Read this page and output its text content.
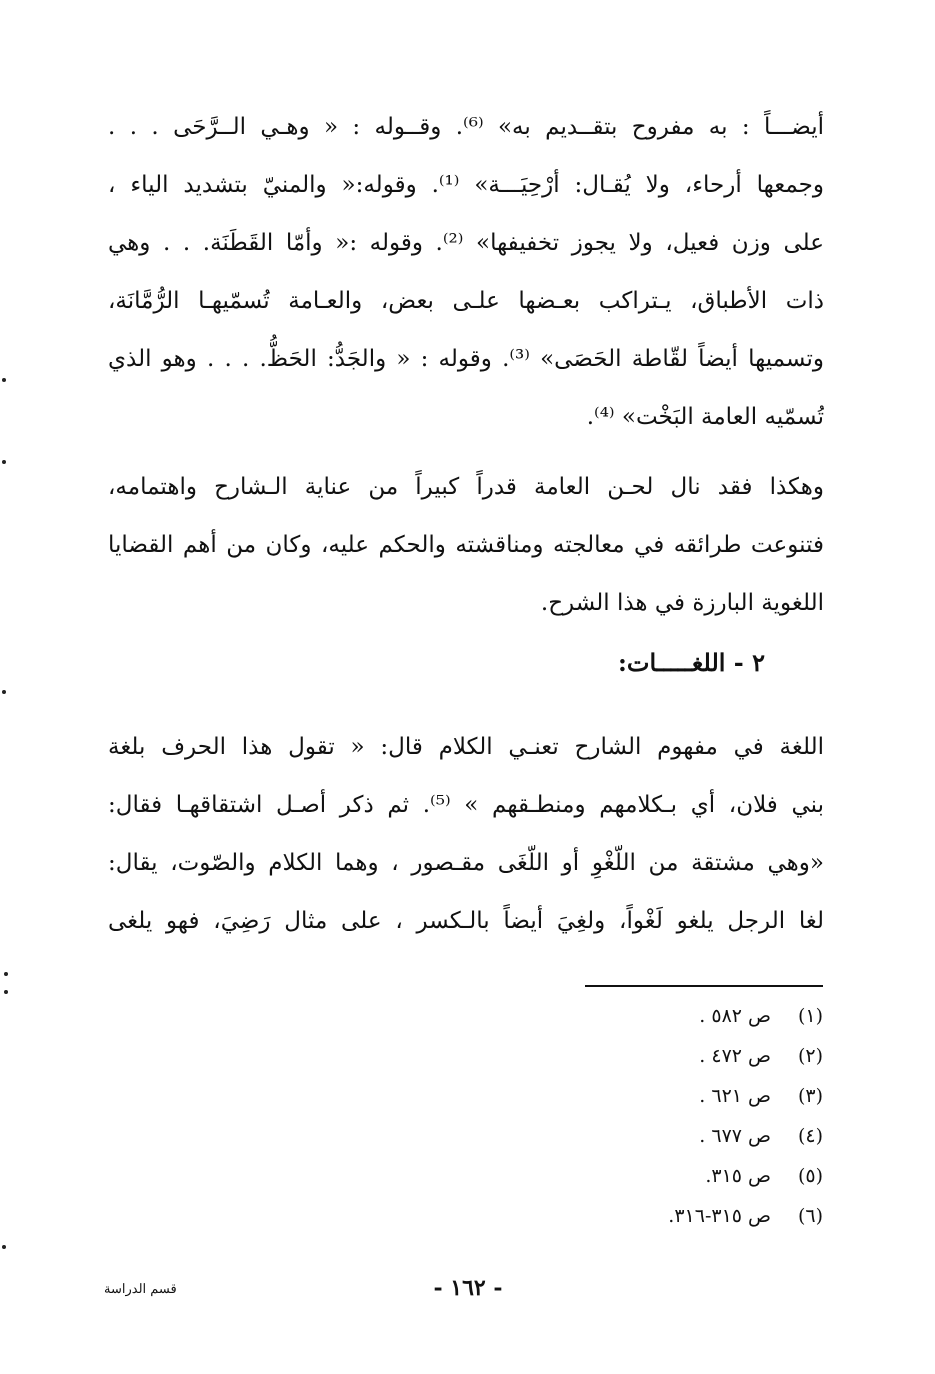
أيضـــاً : به مفروح بتقــديم به» ⁽⁶⁾. وقــوله : « وهـي الــرَّحَى . . .
وجمعها أرحاء، ولا يُقـال: أرْحِيَـــة» ⁽¹⁾. وقوله:« والمنيّ بتشديد الياء ،
على وزن فعيل، ولا يجوز تخفيفها» ⁽²⁾. وقوله :« وأمّا القَطَنَة. . . وهي
ذات الأطباق، يـتراكب بعـضها علـى بعض، والعـامة تُسمّيهـا الرُّمَّانَة،
وتسميها أيضاً لقّاطة الحَصَى» ⁽³⁾. وقوله : « والجَدُّ: الحَظُّ. . . . وهو الذي
تُسمّيه العامة البَخْت» ⁽⁴⁾.
وهكذا فقد نال لحـن العامة قدراً كبيراً من عناية الـشارح واهتمامه،
فتنوعت طرائقه في معالجته ومناقشته والحكم عليه، وكان من أهم القضايا
اللغوية البارزة في هذا الشرح.
٢ - اللغـــــات:
اللغة في مفهوم الشارح تعنـي الكلام قال: « تقول هذا الحرف بلغة
بني فلان، أي بـكلامهم ومنطـقهم » ⁽⁵⁾. ثم ذكر أصـل اشتقاقهـا فقال:
«وهي مشتقة من اللّغْوِ أو اللّغَى مقـصور ، وهما الكلام والصّوت، يقال:
لغا الرجل يلغو لَغْواً، ولغِيَ أيضاً بالـكسر ، على مثال رَضِيَ، فهو يلغى
(١)ص ٥٨٢ .
(٢)ص ٤٧٢ .
(٣)ص ٦٢١ .
(٤)ص ٦٧٧ .
(٥)ص ٣١٥.
(٦)ص ٣١٥-٣١٦.
- ١٦٢ -
قسم الدراسة
